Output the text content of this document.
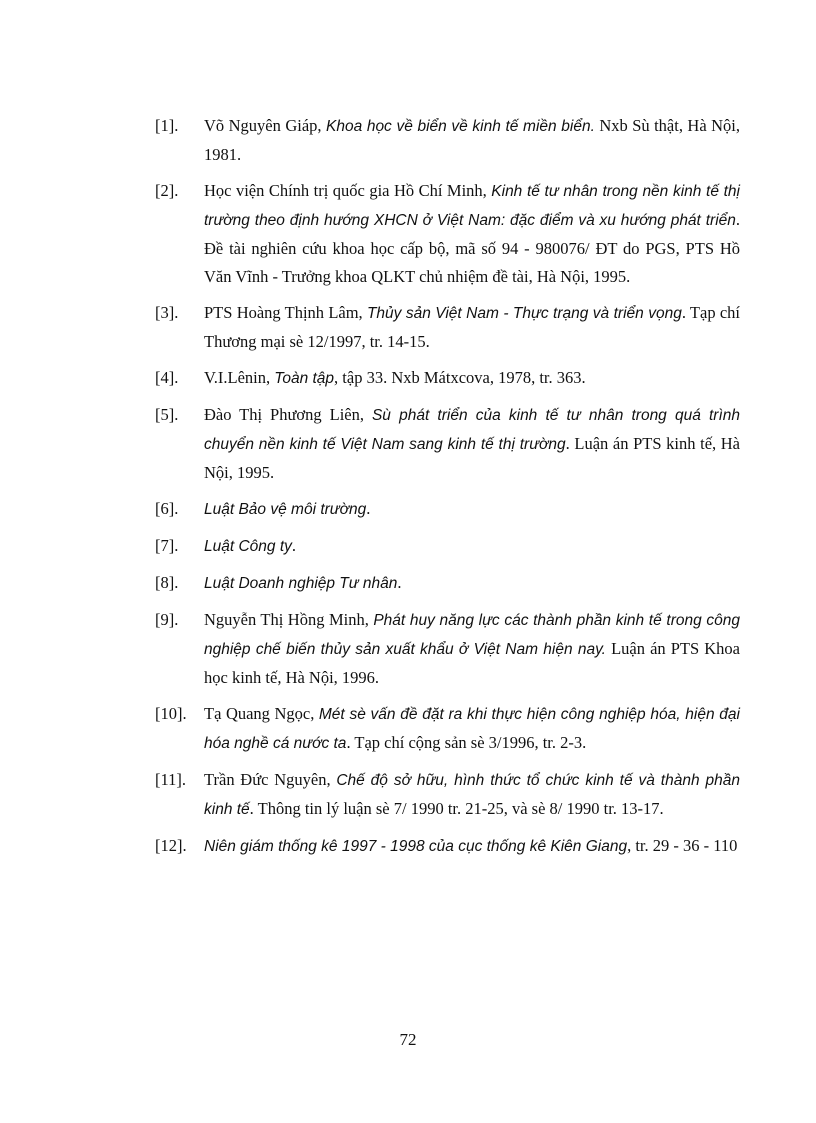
[1].	Võ Nguyên Giáp, Khoa học về biển về kinh tế miền biển. Nxb Sù thật, Hà Nội, 1981.
[2].	Học viện Chính trị quốc gia Hồ Chí Minh, Kinh tế tư nhân trong nền kinh tế thị trường theo định hướng XHCN ở Việt Nam: đặc điểm và xu hướng phát triển. Đề tài nghiên cứu khoa học cấp bộ, mã số 94 - 980076/ ĐT do PGS, PTS Hồ Văn Vĩnh - Trưởng khoa QLKT chủ nhiệm đề tài, Hà Nội, 1995.
[3].	PTS Hoàng Thịnh Lâm, Thủy sản Việt Nam - Thực trạng và triển vọng. Tạp chí Thương mại sè 12/1997, tr. 14-15.
[4].	V.I.Lênin, Toàn tập, tập 33. Nxb Mátxcova, 1978, tr. 363.
[5].	Đào Thị Phương Liên, Sù phát triển của kinh tế tư nhân trong quá trình chuyển nền kinh tế Việt Nam sang kinh tế thị trường. Luận án PTS kinh tế, Hà Nội, 1995.
[6].	Luật Bảo vệ môi trường.
[7].	Luật Công ty.
[8].	Luật Doanh nghiệp Tư nhân.
[9].	Nguyễn Thị Hồng Minh, Phát huy năng lực các thành phần kinh tế trong công nghiệp chế biến thủy sản xuất khẩu ở Việt Nam hiện nay. Luận án PTS Khoa học kinh tế, Hà Nội, 1996.
[10].	Tạ Quang Ngọc, Mét sè vấn đề đặt ra khi thực hiện công nghiệp hóa, hiện đại hóa nghề cá nước ta. Tạp chí cộng sản sè 3/1996, tr. 2-3.
[11].	Trần Đức Nguyên, Chế độ sở hữu, hình thức tổ chức kinh tế và thành phần kinh tế. Thông tin lý luận sè 7/ 1990 tr. 21-25, và sè 8/ 1990 tr. 13-17.
[12].	Niên giám thống kê 1997 - 1998 của cục thống kê Kiên Giang, tr. 29 - 36 - 110
72
